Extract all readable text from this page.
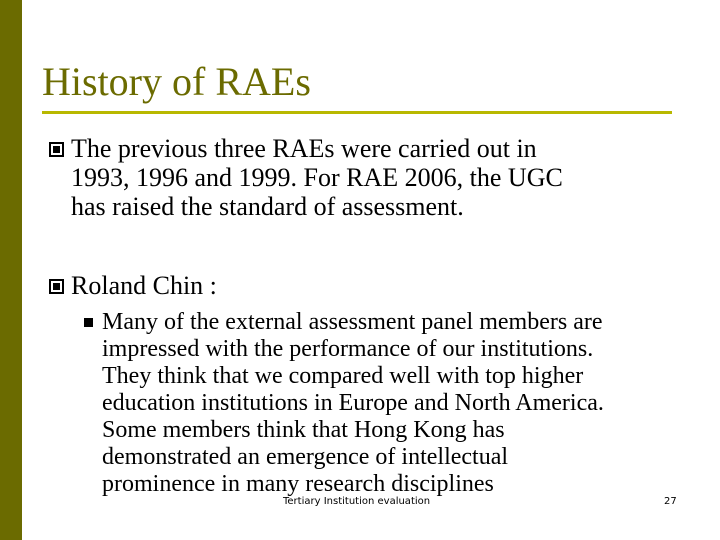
History of RAEs
The previous three RAEs were carried out in
1993, 1996 and 1999. For RAE 2006, the UGC
has raised the standard of assessment.
Roland Chin :
Many of the external assessment panel members are
impressed with the performance of our institutions.
They think that we compared well with top higher
education institutions in Europe and North America.
Some members think that Hong Kong has
demonstrated an emergence of intellectual
prominence in many research disciplines
Tertiary Institution evaluation	27
